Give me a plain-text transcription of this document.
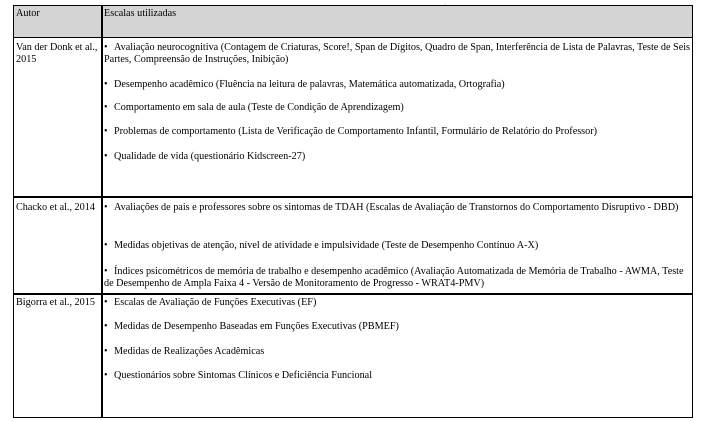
ˎ
Autor	Escalas utilizadas
Van der Donk et al., 2015
• Avaliação neurocognitiva (Contagem de Criaturas, Score!, Span de Dígitos, Quadro de Span, Interferência de Lista de Palavras, Teste de Seis Partes, Compreensão de Instruções, Inibição)
• Desempenho acadêmico (Fluência na leitura de palavras, Matemática automatizada, Ortografia)
• Comportamento em sala de aula (Teste de Condição de Aprendizagem)
• Problemas de comportamento (Lista de Verificação de Comportamento Infantil, Formulário de Relatório do Professor)
• Qualidade de vida (questionário Kidscreen-27)
Chacko et al., 2014 • Avaliações de pais e professores sobre os sintomas de TDAH (Escalas de Avaliação de Transtornos do Comportamento Disruptivo - DBD)
• Medidas objetivas de atenção, nível de atividade e impulsividade (Teste de Desempenho Contínuo A-X)
• Índices psicométricos de memória de trabalho e desempenho acadêmico (Avaliação Automatizada de Memória de Trabalho - AWMA, Teste de Desempenho de Ampla Faixa 4 - Versão de Monitoramento de Progresso - WRAT4-PMV)
Bigorra et al., 2015 • Escalas de Avaliação de Funções Executivas (EF)
• Medidas de Desempenho Baseadas em Funções Executivas (PBMEF)
• Medidas de Realizações Acadêmicas
• Questionários sobre Sintomas Clínicos e Deficiência Funcional
